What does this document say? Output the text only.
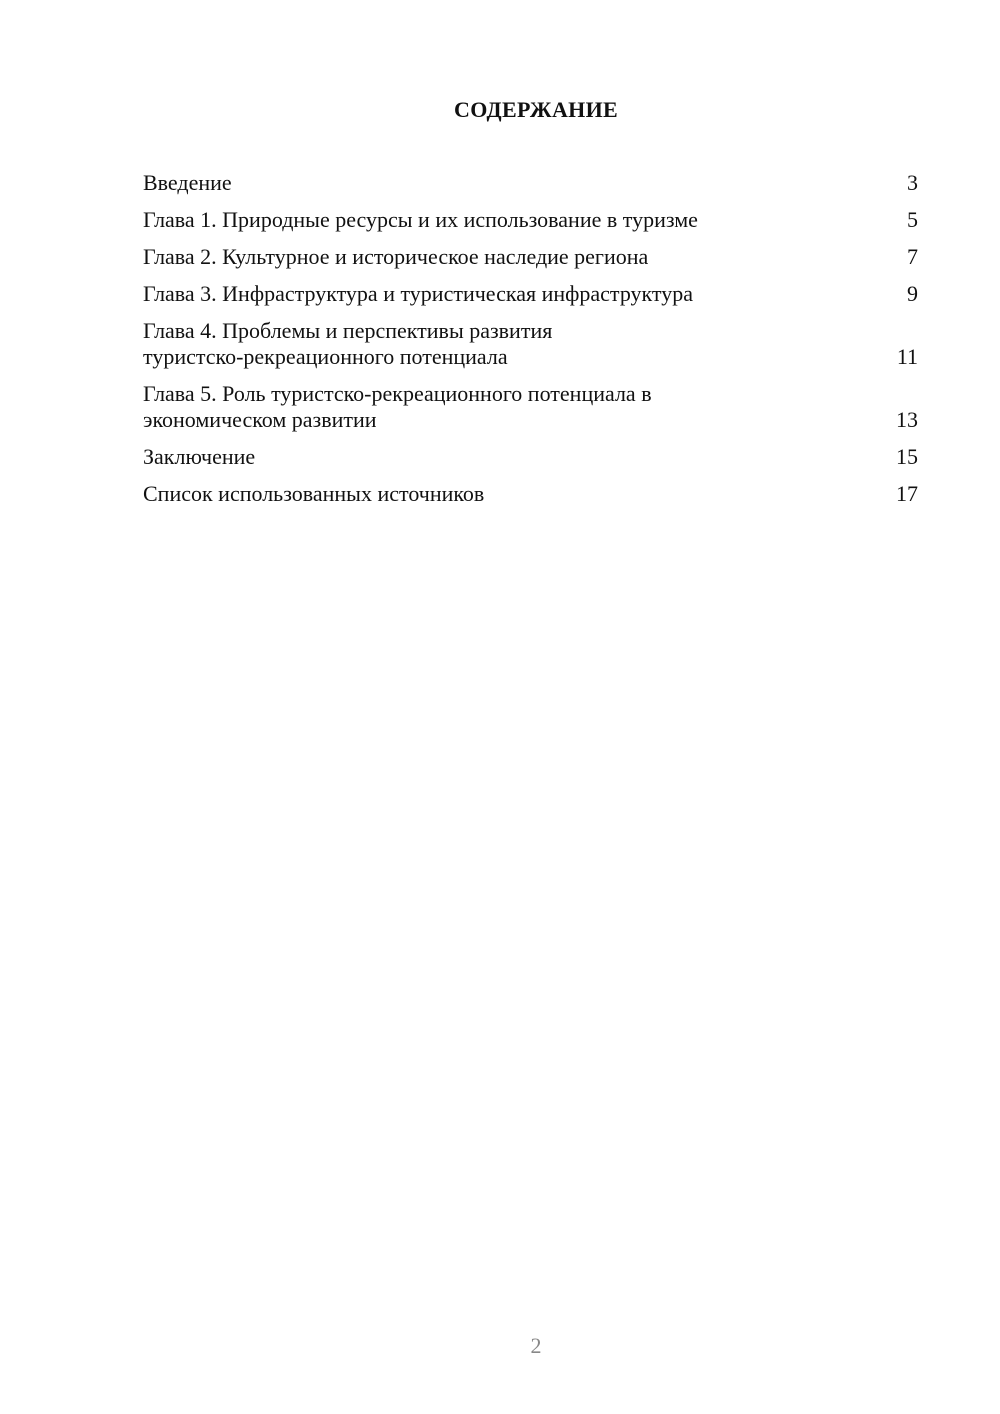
СОДЕРЖАНИЕ
Введение	3
Глава 1. Природные ресурсы и их использование в туризме	5
Глава 2. Культурное и историческое наследие региона	7
Глава 3. Инфраструктура и туристическая инфраструктура	9
Глава 4. Проблемы и перспективы развития
туристско-рекреационного потенциала	11
Глава 5. Роль туристско-рекреационного потенциала в
экономическом развитии	13
Заключение	15
Список использованных источников	17
2
